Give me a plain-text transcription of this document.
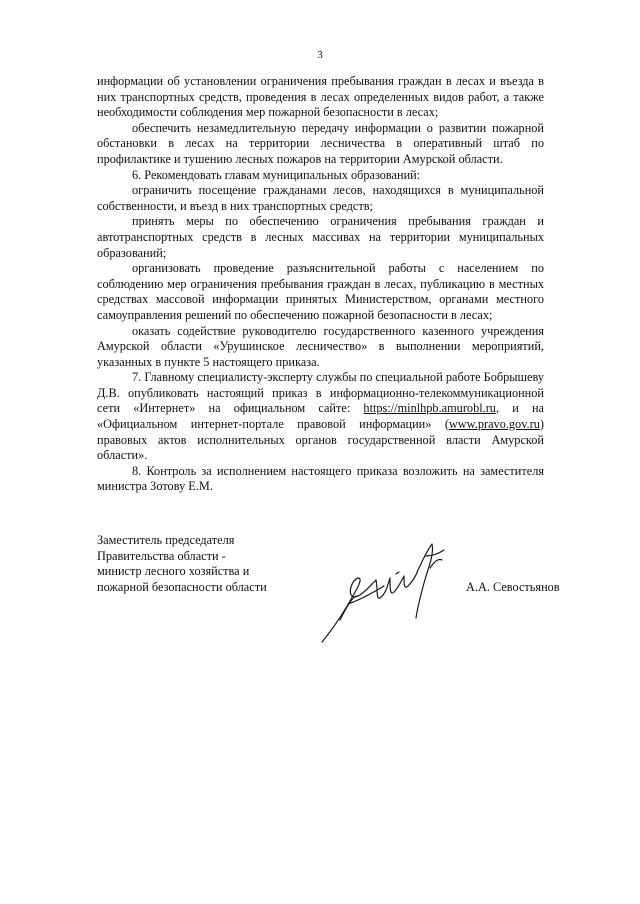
3

информации об установлении ограничения пребывания граждан в лесах и въезда в них транспортных средств, проведения в лесах определенных видов работ, а также необходимости соблюдения мер пожарной безопасности в лесах;

обеспечить незамедлительную передачу информации о развитии пожарной обстановки в лесах на территории лесничества в оперативный штаб по профилактике и тушению лесных пожаров на территории Амурской области.

6. Рекомендовать главам муниципальных образований:

ограничить посещение гражданами лесов, находящихся в муниципальной собственности, и въезд в них транспортных средств;

принять меры по обеспечению ограничения пребывания граждан и автотранспортных средств в лесных массивах на территории муниципальных образований;

организовать проведение разъяснительной работы с населением по соблюдению мер ограничения пребывания граждан в лесах, публикацию в местных средствах массовой информации принятых Министерством, органами местного самоуправления решений по обеспечению пожарной безопасности в лесах;

оказать содействие руководителю государственного казенного учреждения Амурской области «Урушинское лесничество» в выполнении мероприятий, указанных в пункте 5 настоящего приказа.

7. Главному специалисту-эксперту службы по специальной работе Бобрышеву Д.В. опубликовать настоящий приказ в информационно-телекоммуникационной сети «Интернет» на официальном сайте: https://minlhpb.amurobl.ru, и на «Официальном интернет-портале правовой информации» (www.pravo.gov.ru) правовых актов исполнительных органов государственной власти Амурской области».

8. Контроль за исполнением настоящего приказа возложить на заместителя министра Зотову Е.М.

Заместитель председателя
Правительства области -
министр лесного хозяйства и
пожарной безопасности области	А.А. Севостьянов
